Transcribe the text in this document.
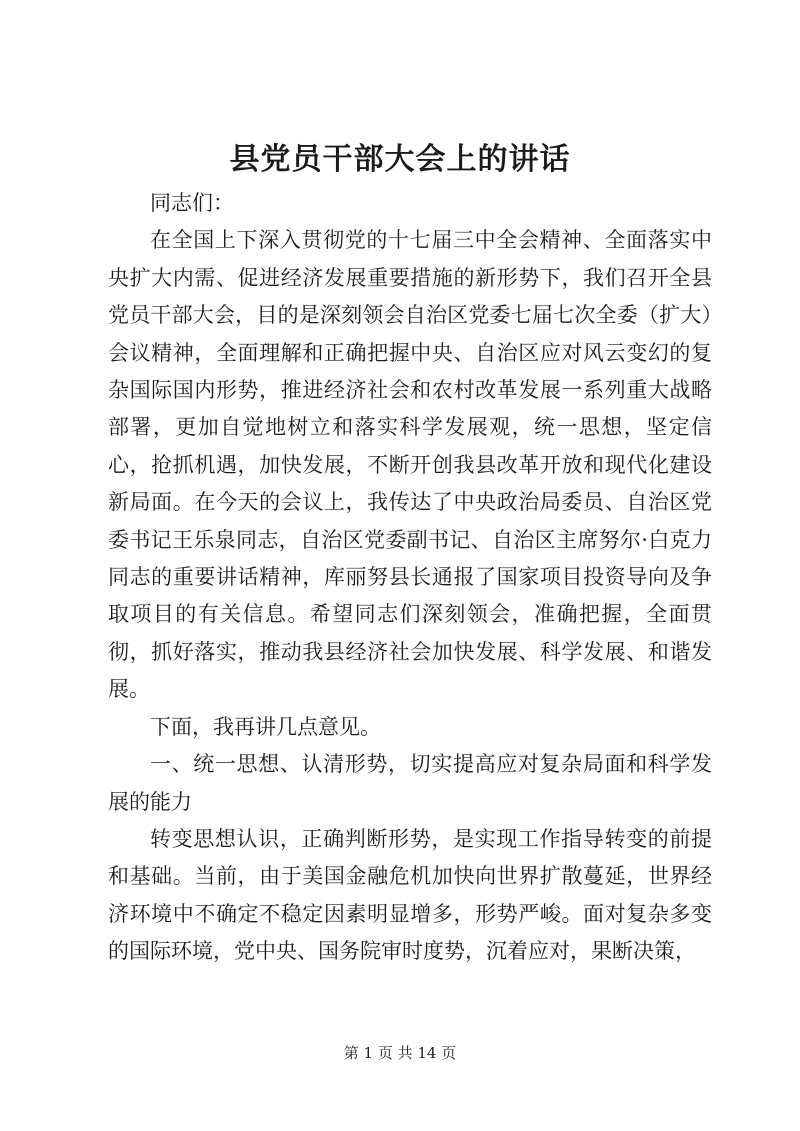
县党员干部大会上的讲话

同志们：

在全国上下深入贯彻党的十七届三中全会精神、全面落实中央扩大内需、促进经济发展重要措施的新形势下，我们召开全县党员干部大会，目的是深刻领会自治区党委七届七次全委（扩大）会议精神，全面理解和正确把握中央、自治区应对风云变幻的复杂国际国内形势，推进经济社会和农村改革发展一系列重大战略部署，更加自觉地树立和落实科学发展观，统一思想，坚定信心，抢抓机遇，加快发展，不断开创我县改革开放和现代化建设新局面。在今天的会议上，我传达了中央政治局委员、自治区党委书记王乐泉同志，自治区党委副书记、自治区主席努尔·白克力同志的重要讲话精神，库丽努县长通报了国家项目投资导向及争取项目的有关信息。希望同志们深刻领会，准确把握，全面贯彻，抓好落实，推动我县经济社会加快发展、科学发展、和谐发展。

下面，我再讲几点意见。

一、统一思想、认清形势，切实提高应对复杂局面和科学发展的能力

转变思想认识，正确判断形势，是实现工作指导转变的前提和基础。当前，由于美国金融危机加快向世界扩散蔓延，世界经济环境中不确定不稳定因素明显增多，形势严峻。面对复杂多变的国际环境，党中央、国务院审时度势，沉着应对，果断决策，

第 1 页 共 14 页
